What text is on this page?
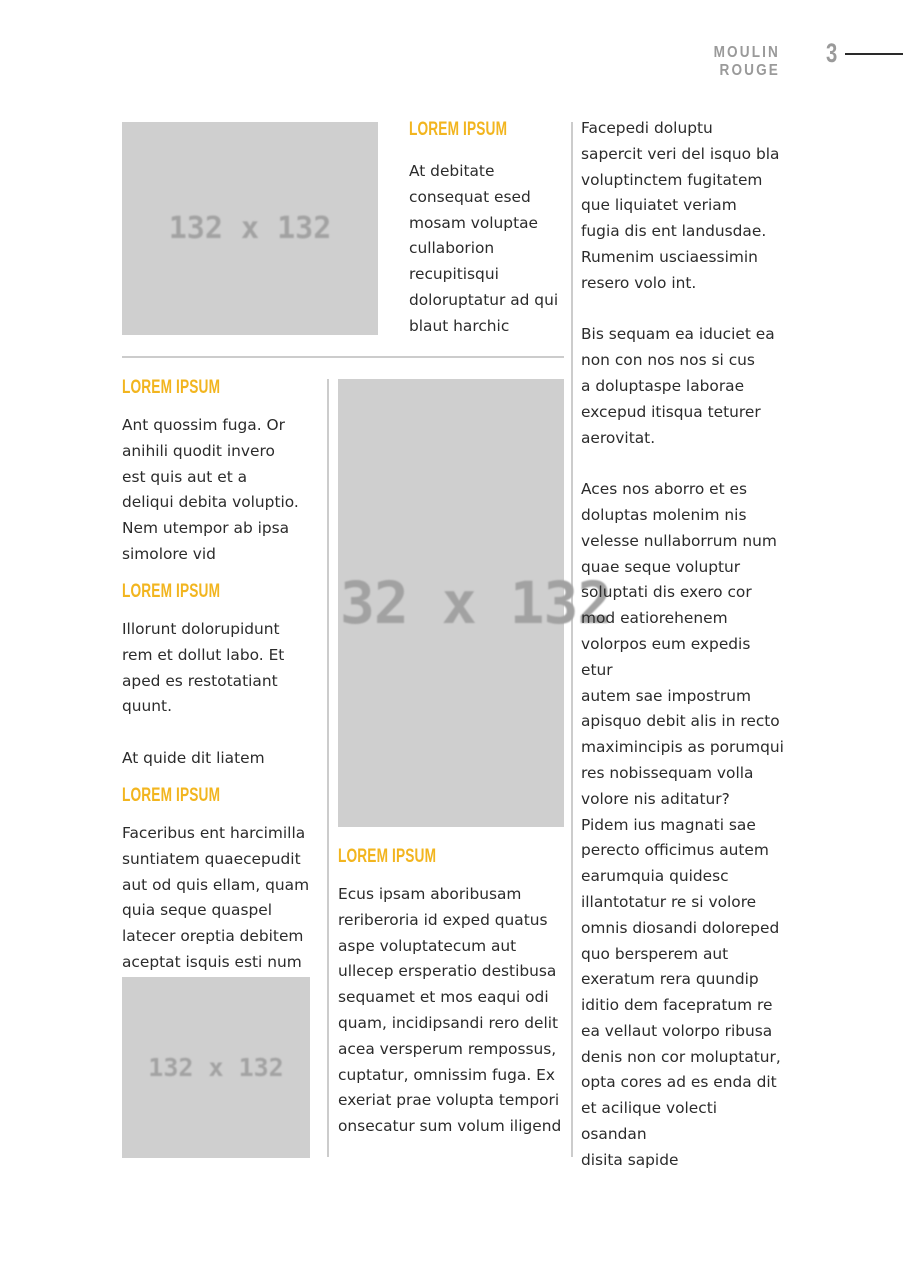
MOULIN ROUGE
3
132 x 132
LOREM IPSUM
At debitate
consequat esed
mosam voluptae
cullaborion
recupitisqui
doloruptatur ad qui
blaut harchic
LOREM IPSUM
Ant quossim fuga. Or
anihili quodit invero
est quis aut et a
deliqui debita voluptio.
Nem utempor ab ipsa
simolore vid
LOREM IPSUM
Illorunt dolorupidunt
rem et dollut labo. Et
aped es restotatiant
quunt.

At quide dit liatem
LOREM IPSUM
Faceribus ent harcimilla
suntiatem quaecepudit
aut od quis ellam, quam
quia seque quaspel
latecer oreptia debitem
aceptat isquis esti num
132 x 132
32 x 132
LOREM IPSUM
Ecus ipsam aboribusam
reriberoria id exped quatus
aspe voluptatecum aut
ullecep ersperatio destibusa
sequamet et mos eaqui odi
quam, incidipsandi rero delit
acea versperum rempossus,
cuptatur, omnissim fuga. Ex
exeriat prae volupta tempori
onsecatur sum volum iligend
Facepedi doluptu
sapercit veri del isquo bla
voluptinctem fugitatem
que liquiatet veriam
fugia dis ent landusdae.
Rumenim usciaessimin
resero volo int.

Bis sequam ea iduciet ea
non con nos nos si cus
a doluptaspe laborae
excepud itisqua teturer
aerovitat.

Aces nos aborro et es
doluptas molenim nis
velesse nullaborrum num
quae seque voluptur
soluptati dis exero cor
mod eatiorehenem
volorpos eum expedis etur
autem sae impostrum
apisquo debit alis in recto
maximincipis as porumqui
res nobissequam volla
volore nis aditatur?
Pidem ius magnati sae
perecto officimus autem
earumquia quidesc
illantotatur re si volore
omnis diosandi doloreped
quo bersperem aut
exeratum rera quundip
iditio dem facepratum re
ea vellaut volorpo ribusa
denis non cor moluptatur,
opta cores ad es enda dit
et acilique volecti osandan
disita sapide
